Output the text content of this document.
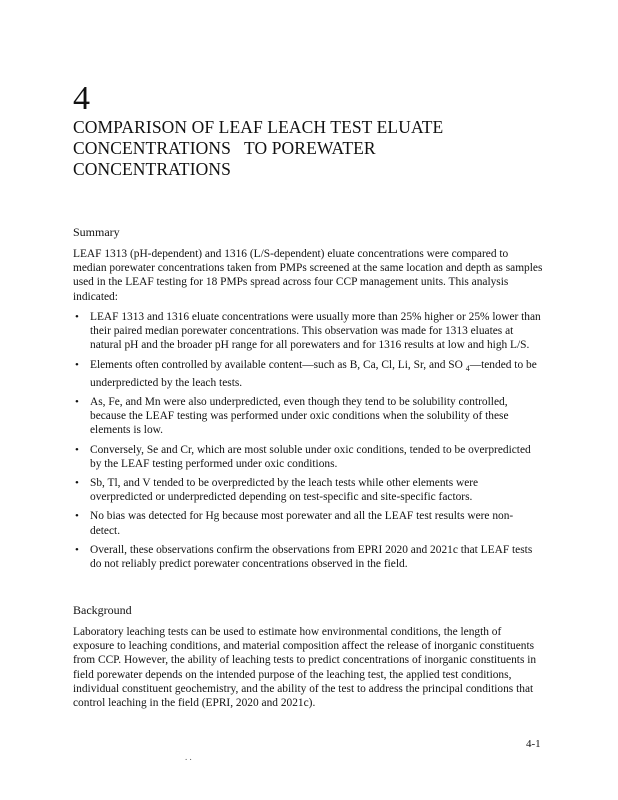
4
COMPARISON OF LEAF LEACH TEST ELUATE
CONCENTRATIONS   TO POREWATER
CONCENTRATIONS
Summary
LEAF 1313 (pH-dependent) and 1316 (L/S-dependent) eluate concentrations were compared to median porewater concentrations taken from PMPs screened at the same location and depth as samples used in the LEAF testing for 18 PMPs spread across four CCP management units. This analysis indicated:
• LEAF 1313 and 1316 eluate concentrations were usually more than 25% higher or 25% lower than their paired median porewater concentrations. This observation was made for 1313 eluates at natural pH and the broader pH range for all porewaters and for 1316 results at low and high L/S.
• Elements often controlled by available content—such as B, Ca, Cl, Li, Sr, and SO $_4$—tended to be underpredicted by the leach tests.
• As, Fe, and Mn were also underpredicted, even though they tend to be solubility controlled, because the LEAF testing was performed under oxic conditions when the solubility of these elements is low.
• Conversely, Se and Cr, which are most soluble under oxic conditions, tended to be overpredicted by the LEAF testing performed under oxic conditions.
• Sb, Tl, and V tended to be overpredicted by the leach tests while other elements were overpredicted or underpredicted depending on test-specific and site-specific factors.
• No bias was detected for Hg because most porewater and all the LEAF test results were non-detect.
• Overall, these observations confirm the observations from EPRI 2020 and 2021c that LEAF tests do not reliably predict porewater concentrations observed in the field.
Background
Laboratory leaching tests can be used to estimate how environmental conditions, the length of exposure to leaching conditions, and material composition affect the release of inorganic constituents from CCP. However, the ability of leaching tests to predict concentrations of inorganic constituents in field porewater depends on the intended purpose of the leaching test, the applied test conditions, individual constituent geochemistry, and the ability of the test to address the principal conditions that control leaching in the field (EPRI, 2020 and 2021c).
4-1
. .
